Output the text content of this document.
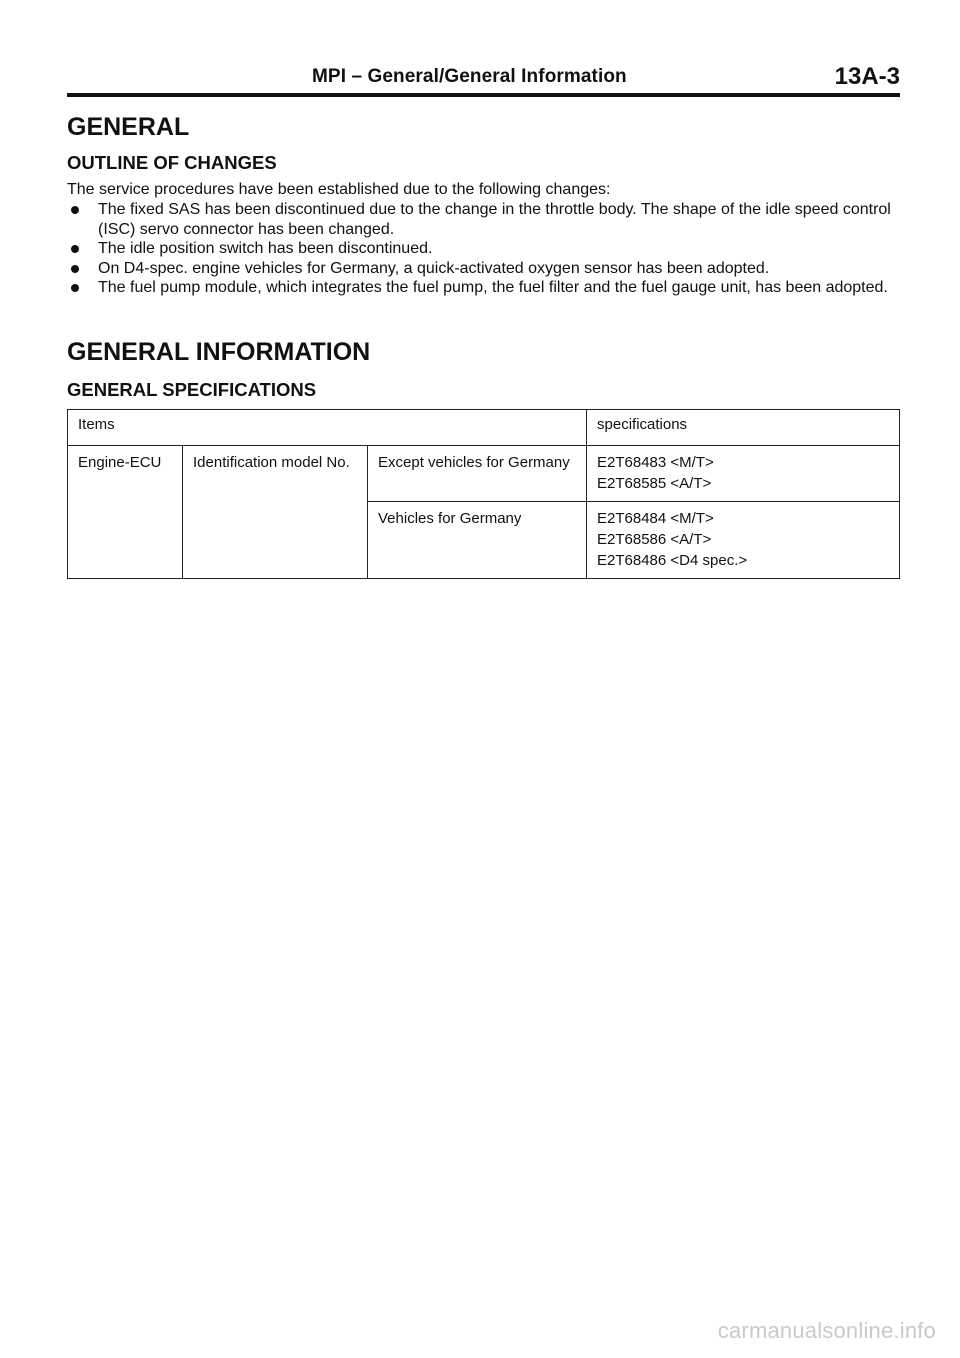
MPI – General/General Information	13A-3
GENERAL
OUTLINE OF CHANGES

The service procedures have been established due to the following changes:

The fixed SAS has been discontinued due to the change in the throttle body. The shape of the idle speed control (ISC) servo connector has been changed.
The idle position switch has been discontinued.
On D4-spec. engine vehicles for Germany, a quick-activated oxygen sensor has been adopted.
The fuel pump module, which integrates the fuel pump, the fuel filter and the fuel gauge unit, has been adopted.
GENERAL INFORMATION
GENERAL SPECIFICATIONS
Items			specifications

Engine-ECU	Identification model No.	Except vehicles for Germany	E2T68483 <M/T>
E2T68585 <A/T>

		Vehicles for Germany	E2T68484 <M/T>
E2T68586 <A/T>
E2T68486 <D4 spec.>
carmanualsonline.info
